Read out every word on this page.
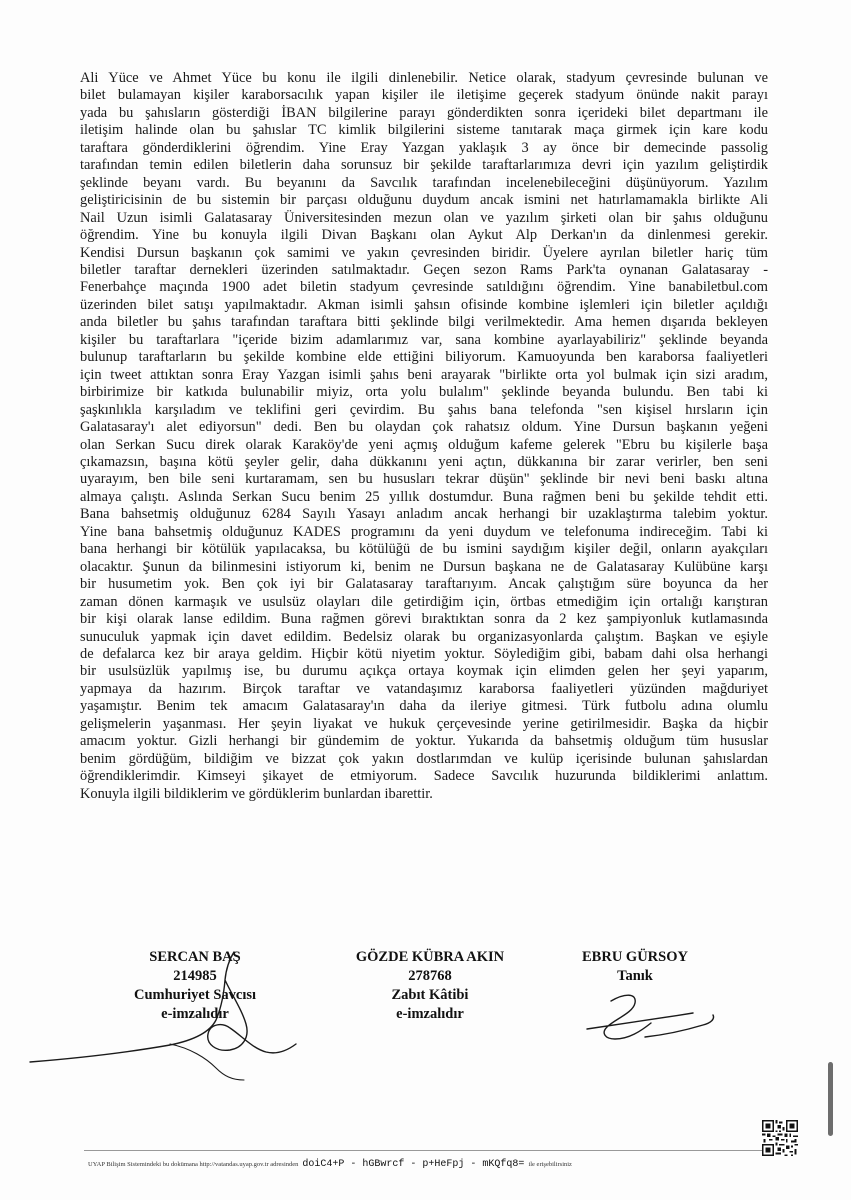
Ali Yüce ve Ahmet Yüce bu konu ile ilgili dinlenebilir. Netice olarak, stadyum çevresinde bulunan ve
bilet bulamayan kişiler karaborsacılık yapan kişiler ile iletişime geçerek stadyum önünde nakit parayı
yada bu şahısların gösterdiği İBAN bilgilerine parayı gönderdikten sonra içerideki bilet departmanı ile
iletişim halinde olan bu şahıslar TC kimlik bilgilerini sisteme tanıtarak maça girmek için kare kodu
taraftara gönderdiklerini öğrendim. Yine Eray Yazgan yaklaşık 3 ay önce bir demecinde passolig
tarafından temin edilen biletlerin daha sorunsuz bir şekilde taraftarlarımıza devri için yazılım geliştirdik
şeklinde beyanı vardı. Bu beyanını da Savcılık tarafından incelenebileceğini düşünüyorum. Yazılım
geliştiricisinin de bu sistemin bir parçası olduğunu duydum ancak ismini net hatırlamamakla birlikte Ali
Nail Uzun isimli Galatasaray Üniversitesinden mezun olan ve yazılım şirketi olan bir şahıs olduğunu
öğrendim. Yine bu konuyla ilgili Divan Başkanı olan Aykut Alp Derkan'ın da dinlenmesi gerekir.
Kendisi Dursun başkanın çok samimi ve yakın çevresinden biridir. Üyelere ayrılan biletler hariç tüm
biletler taraftar dernekleri üzerinden satılmaktadır. Geçen sezon Rams Park'ta oynanan Galatasaray -
Fenerbahçe maçında 1900 adet biletin stadyum çevresinde satıldığını öğrendim. Yine banabiletbul.com
üzerinden bilet satışı yapılmaktadır. Akman isimli şahsın ofisinde kombine işlemleri için biletler açıldığı
anda biletler bu şahıs tarafından taraftara bitti şeklinde bilgi verilmektedir. Ama hemen dışarıda bekleyen
kişiler bu taraftarlara "içeride bizim adamlarımız var, sana kombine ayarlayabiliriz" şeklinde beyanda
bulunup taraftarların bu şekilde kombine elde ettiğini biliyorum. Kamuoyunda ben karaborsa faaliyetleri
için tweet attıktan sonra Eray Yazgan isimli şahıs beni arayarak "birlikte orta yol bulmak için sizi aradım,
birbirimize bir katkıda bulunabilir miyiz, orta yolu bulalım" şeklinde beyanda bulundu. Ben tabi ki
şaşkınlıkla karşıladım ve teklifini geri çevirdim. Bu şahıs bana telefonda "sen kişisel hırsların için
Galatasaray'ı alet ediyorsun" dedi. Ben bu olaydan çok rahatsız oldum. Yine Dursun başkanın yeğeni
olan Serkan Sucu direk olarak Karaköy'de yeni açmış olduğum kafeme gelerek "Ebru bu kişilerle başa
çıkamazsın, başına kötü şeyler gelir, daha dükkanını yeni açtın, dükkanına bir zarar verirler, ben seni
uyarayım, ben bile seni kurtaramam, sen bu hususları tekrar düşün" şeklinde bir nevi beni baskı altına
almaya çalıştı. Aslında Serkan Sucu benim 25 yıllık dostumdur. Buna rağmen beni bu şekilde tehdit etti.
Bana bahsetmiş olduğunuz 6284 Sayılı Yasayı anladım ancak herhangi bir uzaklaştırma talebim yoktur.
Yine bana bahsetmiş olduğunuz KADES programını da yeni duydum ve telefonuma indireceğim. Tabi ki
bana herhangi bir kötülük yapılacaksa, bu kötülüğü de bu ismini saydığım kişiler değil, onların ayakçıları
olacaktır. Şunun da bilinmesini istiyorum ki, benim ne Dursun başkana ne de Galatasaray Kulübüne karşı
bir husumetim yok. Ben çok iyi bir Galatasaray taraftarıyım. Ancak çalıştığım süre boyunca da her
zaman dönen karmaşık ve usulsüz olayları dile getirdiğim için, örtbas etmediğim için ortalığı karıştıran
bir kişi olarak lanse edildim. Buna rağmen görevi bıraktıktan sonra da 2 kez şampiyonluk kutlamasında
sunuculuk yapmak için davet edildim. Bedelsiz olarak bu organizasyonlarda çalıştım. Başkan ve eşiyle
de defalarca kez bir araya geldim. Hiçbir kötü niyetim yoktur. Söylediğim gibi, babam dahi olsa herhangi
bir usulsüzlük yapılmış ise, bu durumu açıkça ortaya koymak için elimden gelen her şeyi yaparım,
yapmaya da hazırım. Birçok taraftar ve vatandaşımız karaborsa faaliyetleri yüzünden mağduriyet
yaşamıştır. Benim tek amacım Galatasaray'ın daha da ileriye gitmesi. Türk futbolu adına olumlu
gelişmelerin yaşanması. Her şeyin liyakat ve hukuk çerçevesinde yerine getirilmesidir. Başka da hiçbir
amacım yoktur. Gizli herhangi bir gündemim de yoktur. Yukarıda da bahsetmiş olduğum tüm hususlar
benim gördüğüm, bildiğim ve bizzat çok yakın dostlarımdan ve kulüp içerisinde bulunan şahıslardan
öğrendiklerimdir. Kimseyi şikayet de etmiyorum. Sadece Savcılık huzurunda bildiklerimi anlattım.
Konuyla ilgili bildiklerim ve gördüklerim bunlardan ibarettir.
SERCAN BAŞ
214985
Cumhuriyet Savcısı
e-imzalıdır
GÖZDE KÜBRA AKIN
278768
Zabıt Kâtibi
e-imzalıdır
EBRU GÜRSOY
Tanık
UYAP Bilişim Sistemindeki bu dokümana http://vatandas.uyap.gov.tr adresinden doiC4+P - hGBwrcf - p+HeFpj - mKQfq8= ile erişebilirsiniz
